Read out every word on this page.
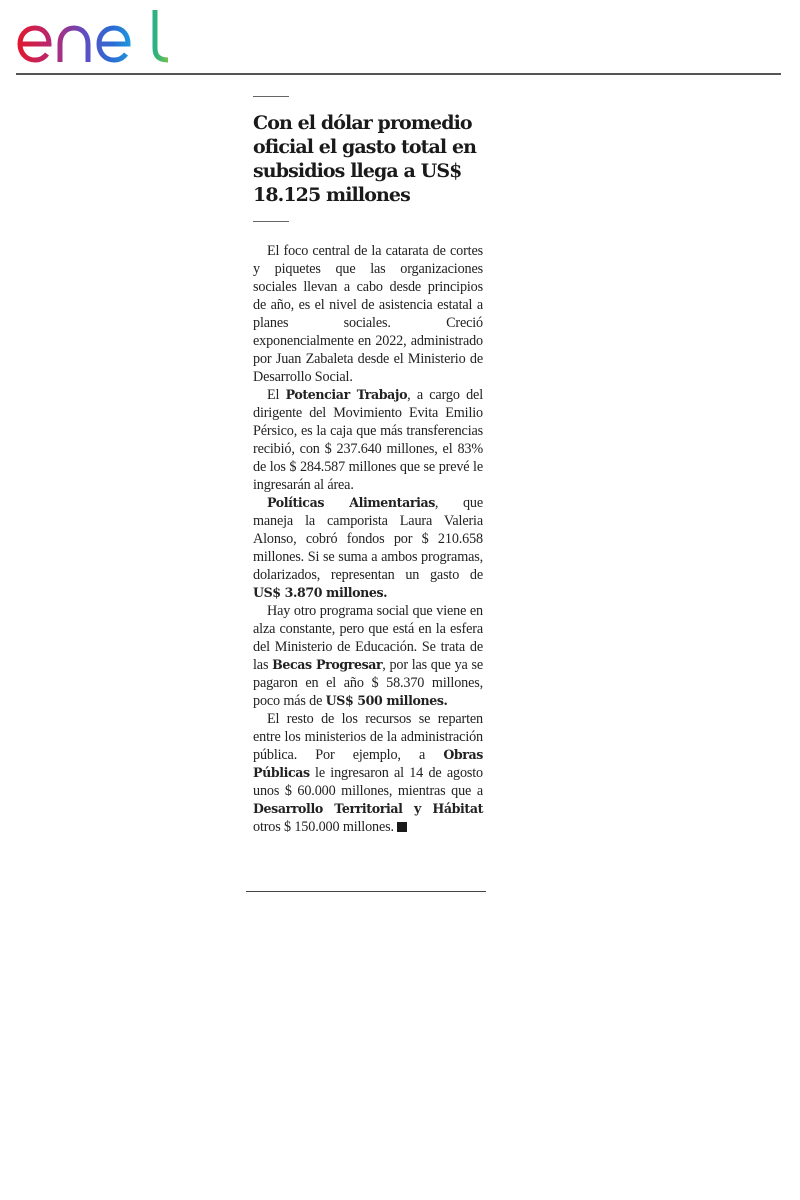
Con el dólar promedio oficial el gasto total en subsidios llega a US$ 18.125 millones

El foco central de la catarata de cortes y piquetes que las organizaciones sociales llevan a cabo desde principios de año, es el nivel de asistencia estatal a planes sociales. Creció exponencialmente en 2022, administrado por Juan Zabaleta desde el Ministerio de Desarrollo Social.

El Potenciar Trabajo, a cargo del dirigente del Movimiento Evita Emilio Pérsico, es la caja que más transferencias recibió, con $ 237.640 millones, el 83% de los $ 284.587 millones que se prevé le ingresarán al área.

Políticas Alimentarias, que maneja la camporista Laura Valeria Alonso, cobró fondos por $ 210.658 millones. Si se suma a ambos programas, dolarizados, representan un gasto de US$ 3.870 millones.

Hay otro programa social que viene en alza constante, pero que está en la esfera del Ministerio de Educación. Se trata de las Becas Progresar, por las que ya se pagaron en el año $ 58.370 millones, poco más de US$ 500 millones.

El resto de los recursos se reparten entre los ministerios de la administración pública. Por ejemplo, a Obras Públicas le ingresaron al 14 de agosto unos $ 60.000 millones, mientras que a Desarrollo Territorial y Hábitat otros $ 150.000 millones.
